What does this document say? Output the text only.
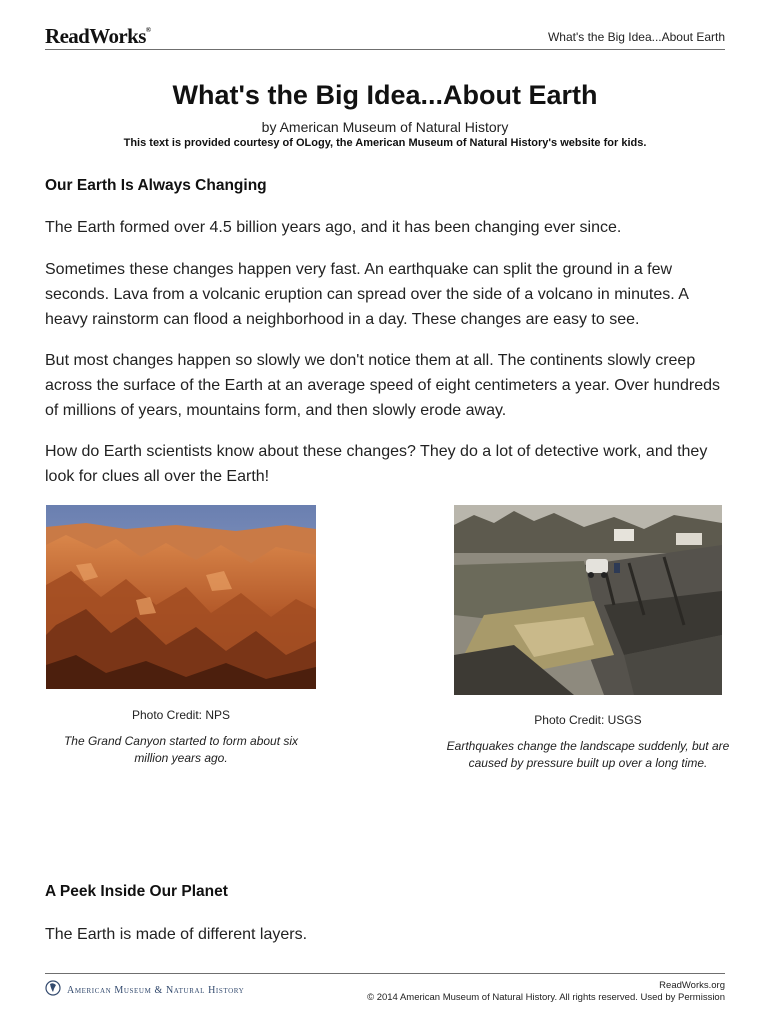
ReadWorks®	What's the Big Idea...About Earth
What's the Big Idea...About Earth
by American Museum of Natural History
This text is provided courtesy of OLogy, the American Museum of Natural History's website for kids.
Our Earth Is Always Changing
The Earth formed over 4.5 billion years ago, and it has been changing ever since.
Sometimes these changes happen very fast. An earthquake can split the ground in a few seconds. Lava from a volcanic eruption can spread over the side of a volcano in minutes. A heavy rainstorm can flood a neighborhood in a day. These changes are easy to see.
But most changes happen so slowly we don't notice them at all. The continents slowly creep across the surface of the Earth at an average speed of eight centimeters a year. Over hundreds of millions of years, mountains form, and then slowly erode away.
How do Earth scientists know about these changes? They do a lot of detective work, and they look for clues all over the Earth!
Photo Credit: NPS
The Grand Canyon started to form about six million years ago.
Photo Credit: USGS
Earthquakes change the landscape suddenly, but are caused by pressure built up over a long time.
A Peek Inside Our Planet
The Earth is made of different layers.
American Museum & Natural History	ReadWorks.org
© 2014 American Museum of Natural History. All rights reserved. Used by Permission
